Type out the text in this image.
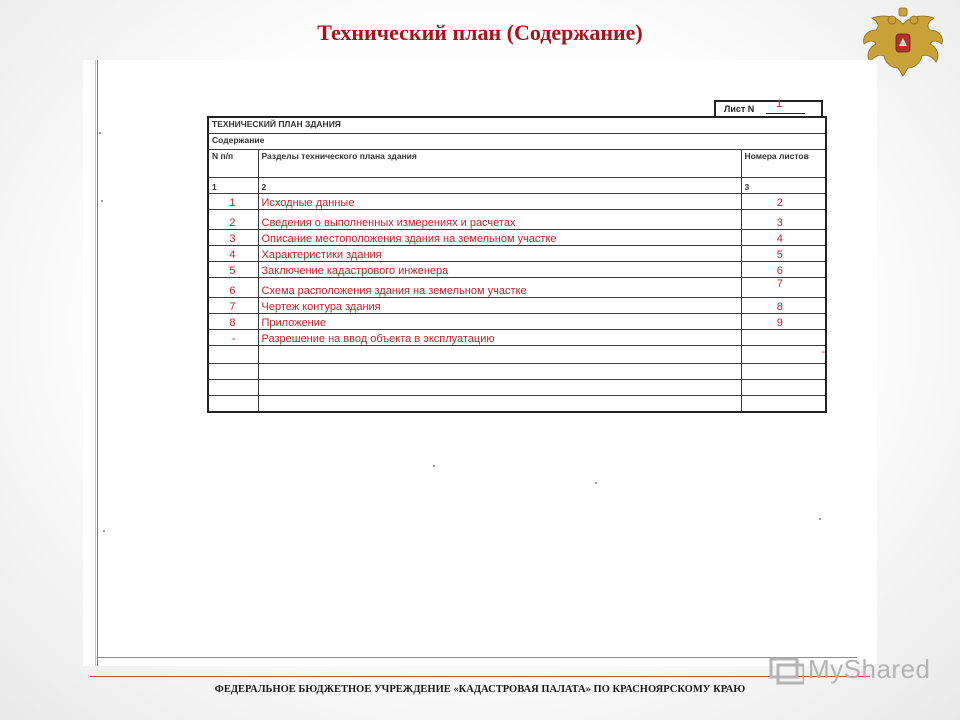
Технический план (Содержание)
Лист N 1
ТЕХНИЧЕСКИЙ ПЛАН ЗДАНИЯ		
Содержание		
N п/п	Разделы технического плана здания	Номера листов
1	2	3
1	Исходные данные	2
2	Сведения о выполненных измерениях и расчетах	3
3	Описание местоположения здания на земельном участке	4
4	Характеристики здания	5
5	Заключение кадастрового инженера	6
6	Схема расположения здания на земельном участке	7
7	Чертеж контура здания	8
8	Приложение	9
-	Разрешение на ввод объекта в эксплуатацию	
		-

ФЕДЕРАЛЬНОЕ БЮДЖЕТНОЕ УЧРЕЖДЕНИЕ «КАДАСТРОВАЯ ПАЛАТА» ПО КРАСНОЯРСКОМУ КРАЮ
MyShared
